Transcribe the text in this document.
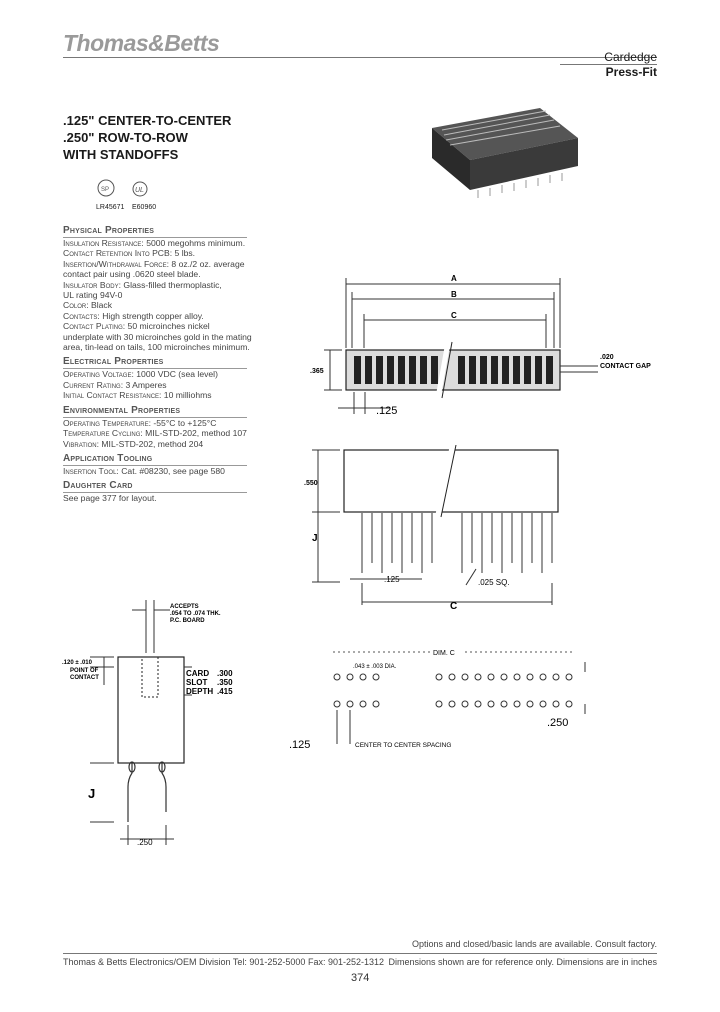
Thomas&Betts
Cardedge
Press-Fit
.125" CENTER-TO-CENTER
.250" ROW-TO-ROW
WITH STANDOFFS
SP	UL
LR45671 E60960
Physical Properties
Insulation Resistance: 5000 megohms minimum.
Contact Retention Into PCB: 5 lbs.
Insertion/Withdrawal Force: 8 oz./2 oz. average
contact pair using .0620 steel blade.
Insulator Body: Glass-filled thermoplastic,
UL rating 94V-0
Color: Black
Contacts: High strength copper alloy.
Contact Plating: 50 microinches nickel
underplate with 30 microinches gold in the mating
area, tin-lead on tails, 100 microinches minimum.
Electrical Properties
Operating Voltage: 1000 VDC (sea level)
Current Rating: 3 Amperes
Initial Contact Resistance: 10 milliohms
Environmental Properties
Operating Temperature: -55°C to +125°C
Temperature Cycling: MIL-STD-202, method 107
Vibration: MIL-STD-202, method 204
Application Tooling
Insertion Tool: Cat. #08230, see page 580
Daughter Card
See page 377 for layout.
A
B
C
.365
.020
CONTACT GAP
.125
.550
J
.125	.025 SQ.
C
ACCEPTS
.054 TO .074 THK.
P.C. BOARD
.120 ± .010
POINT OF
CONTACT	CARD .300
SLOT .350
DEPTH .415
J
.250
.043 ± .003 DIA.
DIM. C
.250
.125	CENTER TO CENTER SPACING
Options and closed/basic lands are available. Consult factory.
Thomas & Betts Electronics/OEM Division Tel: 901-252-5000 Fax: 901-252-1312 Dimensions shown are for reference only. Dimensions are in inches
374
